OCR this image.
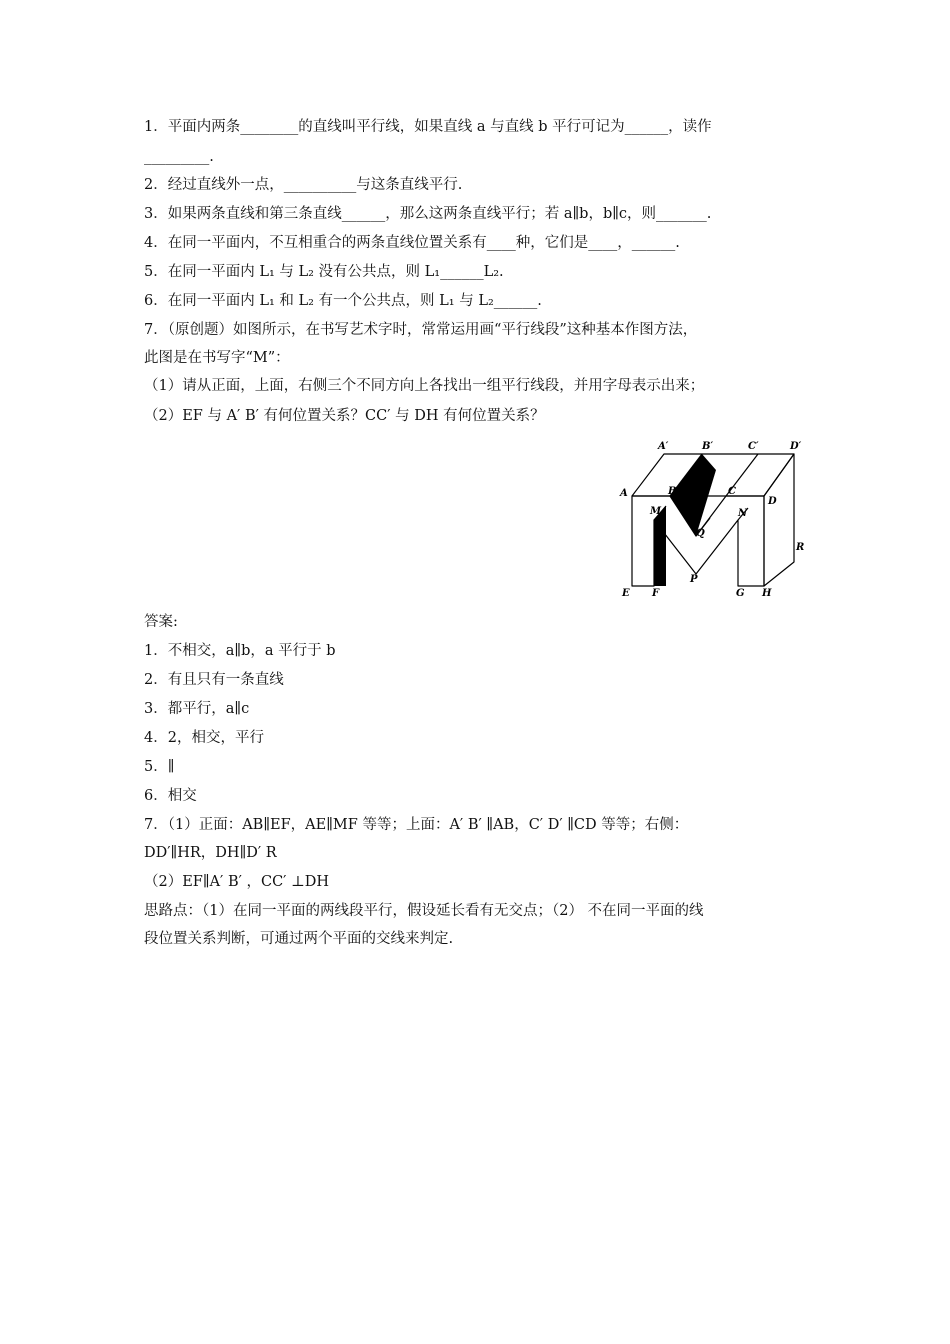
1．平面内两条________的直线叫平行线，如果直线 a 与直线 b 平行可记为______，读作
_________.
2．经过直线外一点，__________与这条直线平行.
3．如果两条直线和第三条直线______，那么这两条直线平行；若 a∥b，b∥c，则_______.
4．在同一平面内，不互相重合的两条直线位置关系有____种，它们是____，______.
5．在同一平面内 L₁ 与 L₂ 没有公共点，则 L₁______L₂.
6．在同一平面内 L₁ 和 L₂ 有一个公共点，则 L₁ 与 L₂______.
7．（原创题）如图所示，在书写艺术字时，常常运用画“平行线段”这种基本作图方法，
此图是在书写字“M”：
（1）请从正面，上面，右侧三个不同方向上各找出一组平行线段，并用字母表示出来；
（2）EF 与 A′ B′ 有何位置关系？CC′ 与 DH 有何位置关系？
A′	B′	C′	D′
A	B	C
D
M	N
Q
R
P
E F	G H
答案:
1．不相交，a∥b，a 平行于 b
2．有且只有一条直线
3．都平行，a∥c
4．2，相交，平行
5．∥
6．相交
7．（1）正面：AB∥EF，AE∥MF 等等；上面：A′ B′ ∥AB，C′ D′ ∥CD 等等；右侧：
DD′∥HR，DH∥D′ R
（2）EF∥A′ B′ ，CC′ ⊥DH
思路点：（1）在同一平面的两线段平行，假设延长看有无交点；（2） 不在同一平面的线
段位置关系判断，可通过两个平面的交线来判定.
